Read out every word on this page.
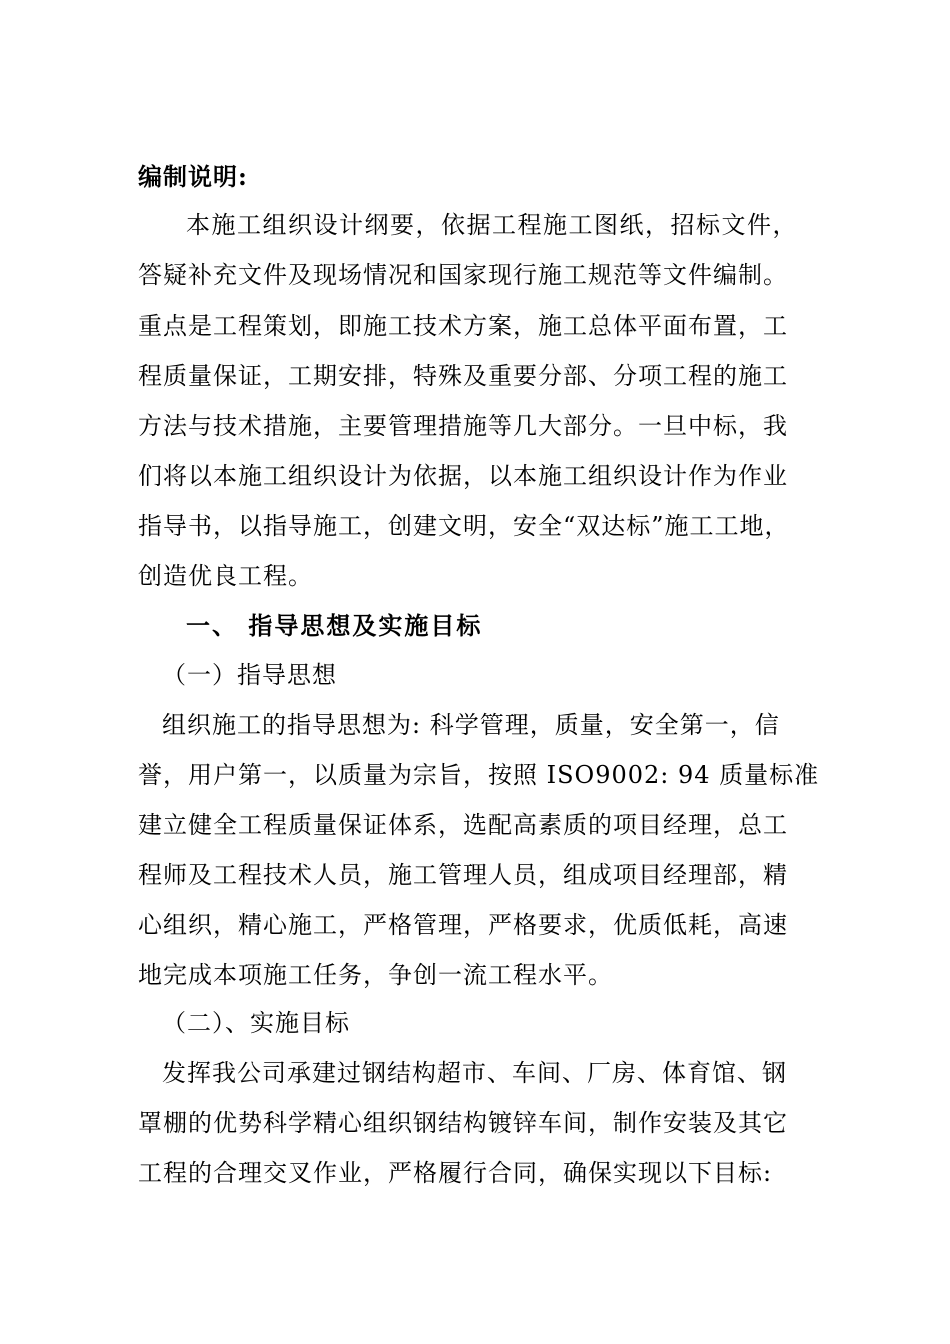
编制说明:
本施工组织设计纲要，依据工程施工图纸，招标文件，
答疑补充文件及现场情况和国家现行施工规范等文件编制。
重点是工程策划，即施工技术方案，施工总体平面布置，工
程质量保证，工期安排，特殊及重要分部、分项工程的施工
方法与技术措施，主要管理措施等几大部分。一旦中标，我
们将以本施工组织设计为依据，以本施工组织设计作为作业
指导书，以指导施工，创建文明，安全“双达标”施工工地，
创造优良工程。
一、 指导思想及实施目标
（一）指导思想
组织施工的指导思想为: 科学管理，质量，安全第一，信
誉，用户第一，以质量为宗旨，按照 ISO9002: 94 质量标准
建立健全工程质量保证体系，选配高素质的项目经理，总工
程师及工程技术人员，施工管理人员，组成项目经理部，精
心组织，精心施工，严格管理，严格要求，优质低耗，高速
地完成本项施工任务，争创一流工程水平。
（二）、实施目标
发挥我公司承建过钢结构超市、车间、厂房、体育馆、钢
罩棚的优势科学精心组织钢结构镀锌车间，制作安装及其它
工程的合理交叉作业，严格履行合同，确保实现以下目标:
